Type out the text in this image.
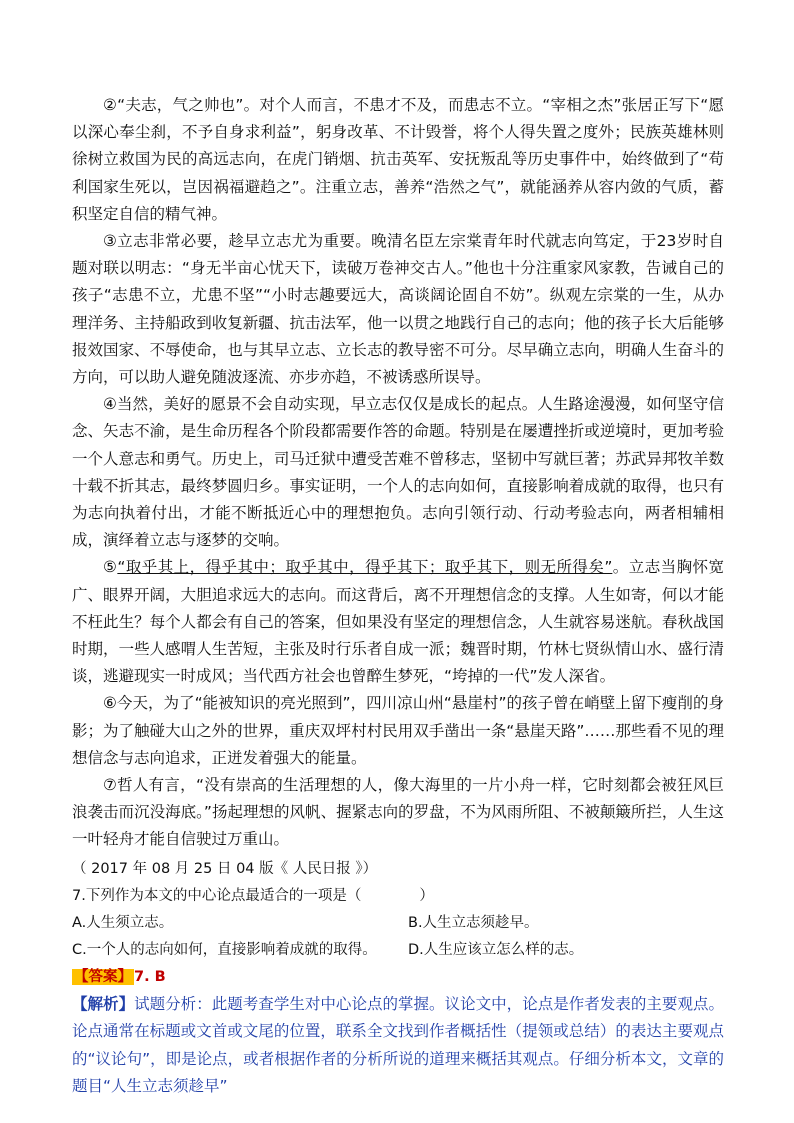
②“夫志，气之帅也”。对个人而言，不患才不及，而患志不立。“宰相之杰”张居正写下“愿以深心奉尘刹，不予自身求利益”，躬身改革、不计毁誉，将个人得失置之度外；民族英雄林则徐树立救国为民的高远志向，在虎门销烟、抗击英军、安抚叛乱等历史事件中，始终做到了“苟利国家生死以，岂因祸福避趋之”。注重立志，善养“浩然之气”，就能涵养从容内敛的气质，蓄积坚定自信的精气神。

③立志非常必要，趁早立志尤为重要。晚清名臣左宗棠青年时代就志向笃定，于23岁时自题对联以明志：“身无半亩心忧天下，读破万卷神交古人。”他也十分注重家风家教，告诫自己的孩子“志患不立，尤患不坚”“小时志趣要远大，高谈阔论固自不妨”。纵观左宗棠的一生，从办理洋务、主持船政到收复新疆、抗击法军，他一以贯之地践行自己的志向；他的孩子长大后能够报效国家、不辱使命，也与其早立志、立长志的教导密不可分。尽早确立志向，明确人生奋斗的方向，可以助人避免随波逐流、亦步亦趋，不被诱惑所误导。

④当然，美好的愿景不会自动实现，早立志仅仅是成长的起点。人生路途漫漫，如何坚守信念、矢志不渝，是生命历程各个阶段都需要作答的命题。特别是在屡遭挫折或逆境时，更加考验一个人意志和勇气。历史上，司马迁狱中遭受苦难不曾移志，坚韧中写就巨著；苏武异邦牧羊数十载不折其志，最终梦圆归乡。事实证明，一个人的志向如何，直接影响着成就的取得，也只有为志向执着付出，才能不断抵近心中的理想抱负。志向引领行动、行动考验志向，两者相辅相成，演绎着立志与逐梦的交响。

⑤“取乎其上，得乎其中；取乎其中，得乎其下；取乎其下，则无所得矣”。立志当胸怀宽广、眼界开阔，大胆追求远大的志向。而这背后，离不开理想信念的支撑。人生如寄，何以才能不枉此生？每个人都会有自己的答案，但如果没有坚定的理想信念，人生就容易迷航。春秋战国时期，一些人感喟人生苦短，主张及时行乐者自成一派；魏晋时期，竹林七贤纵情山水、盛行清谈，逃避现实一时成风；当代西方社会也曾醉生梦死，“垮掉的一代”发人深省。

⑥今天，为了“能被知识的亮光照到”，四川凉山州“悬崖村”的孩子曾在峭壁上留下瘦削的身影；为了触碰大山之外的世界，重庆双坪村村民用双手凿出一条“悬崖天路”……那些看不见的理想信念与志向追求，正迸发着强大的能量。

⑦哲人有言，“没有崇高的生活理想的人，像大海里的一片小舟一样，它时刻都会被狂风巨浪袭击而沉没海底。”扬起理想的风帆、握紧志向的罗盘，不为风雨所阻、不被颠簸所拦，人生这一叶轻舟才能自信驶过万重山。

（ 2017 年 08 月 25 日 04 版《 人民日报 》）

7.下列作为本文的中心论点最适合的一项是（　　　　）

A.人生须立志。	B.人生立志须趁早。
C.一个人的志向如何，直接影响着成就的取得。	D.人生应该立怎么样的志。

【答案】 7. B

【解析】试题分析：此题考查学生对中心论点的掌握。议论文中，论点是作者发表的主要观点。论点通常在标题或文首或文尾的位置，联系全文找到作者概括性（提领或总结）的表达主要观点的“议论句”，即是论点，或者根据作者的分析所说的道理来概括其观点。仔细分析本文，文章的题目“人生立志须趁早”
